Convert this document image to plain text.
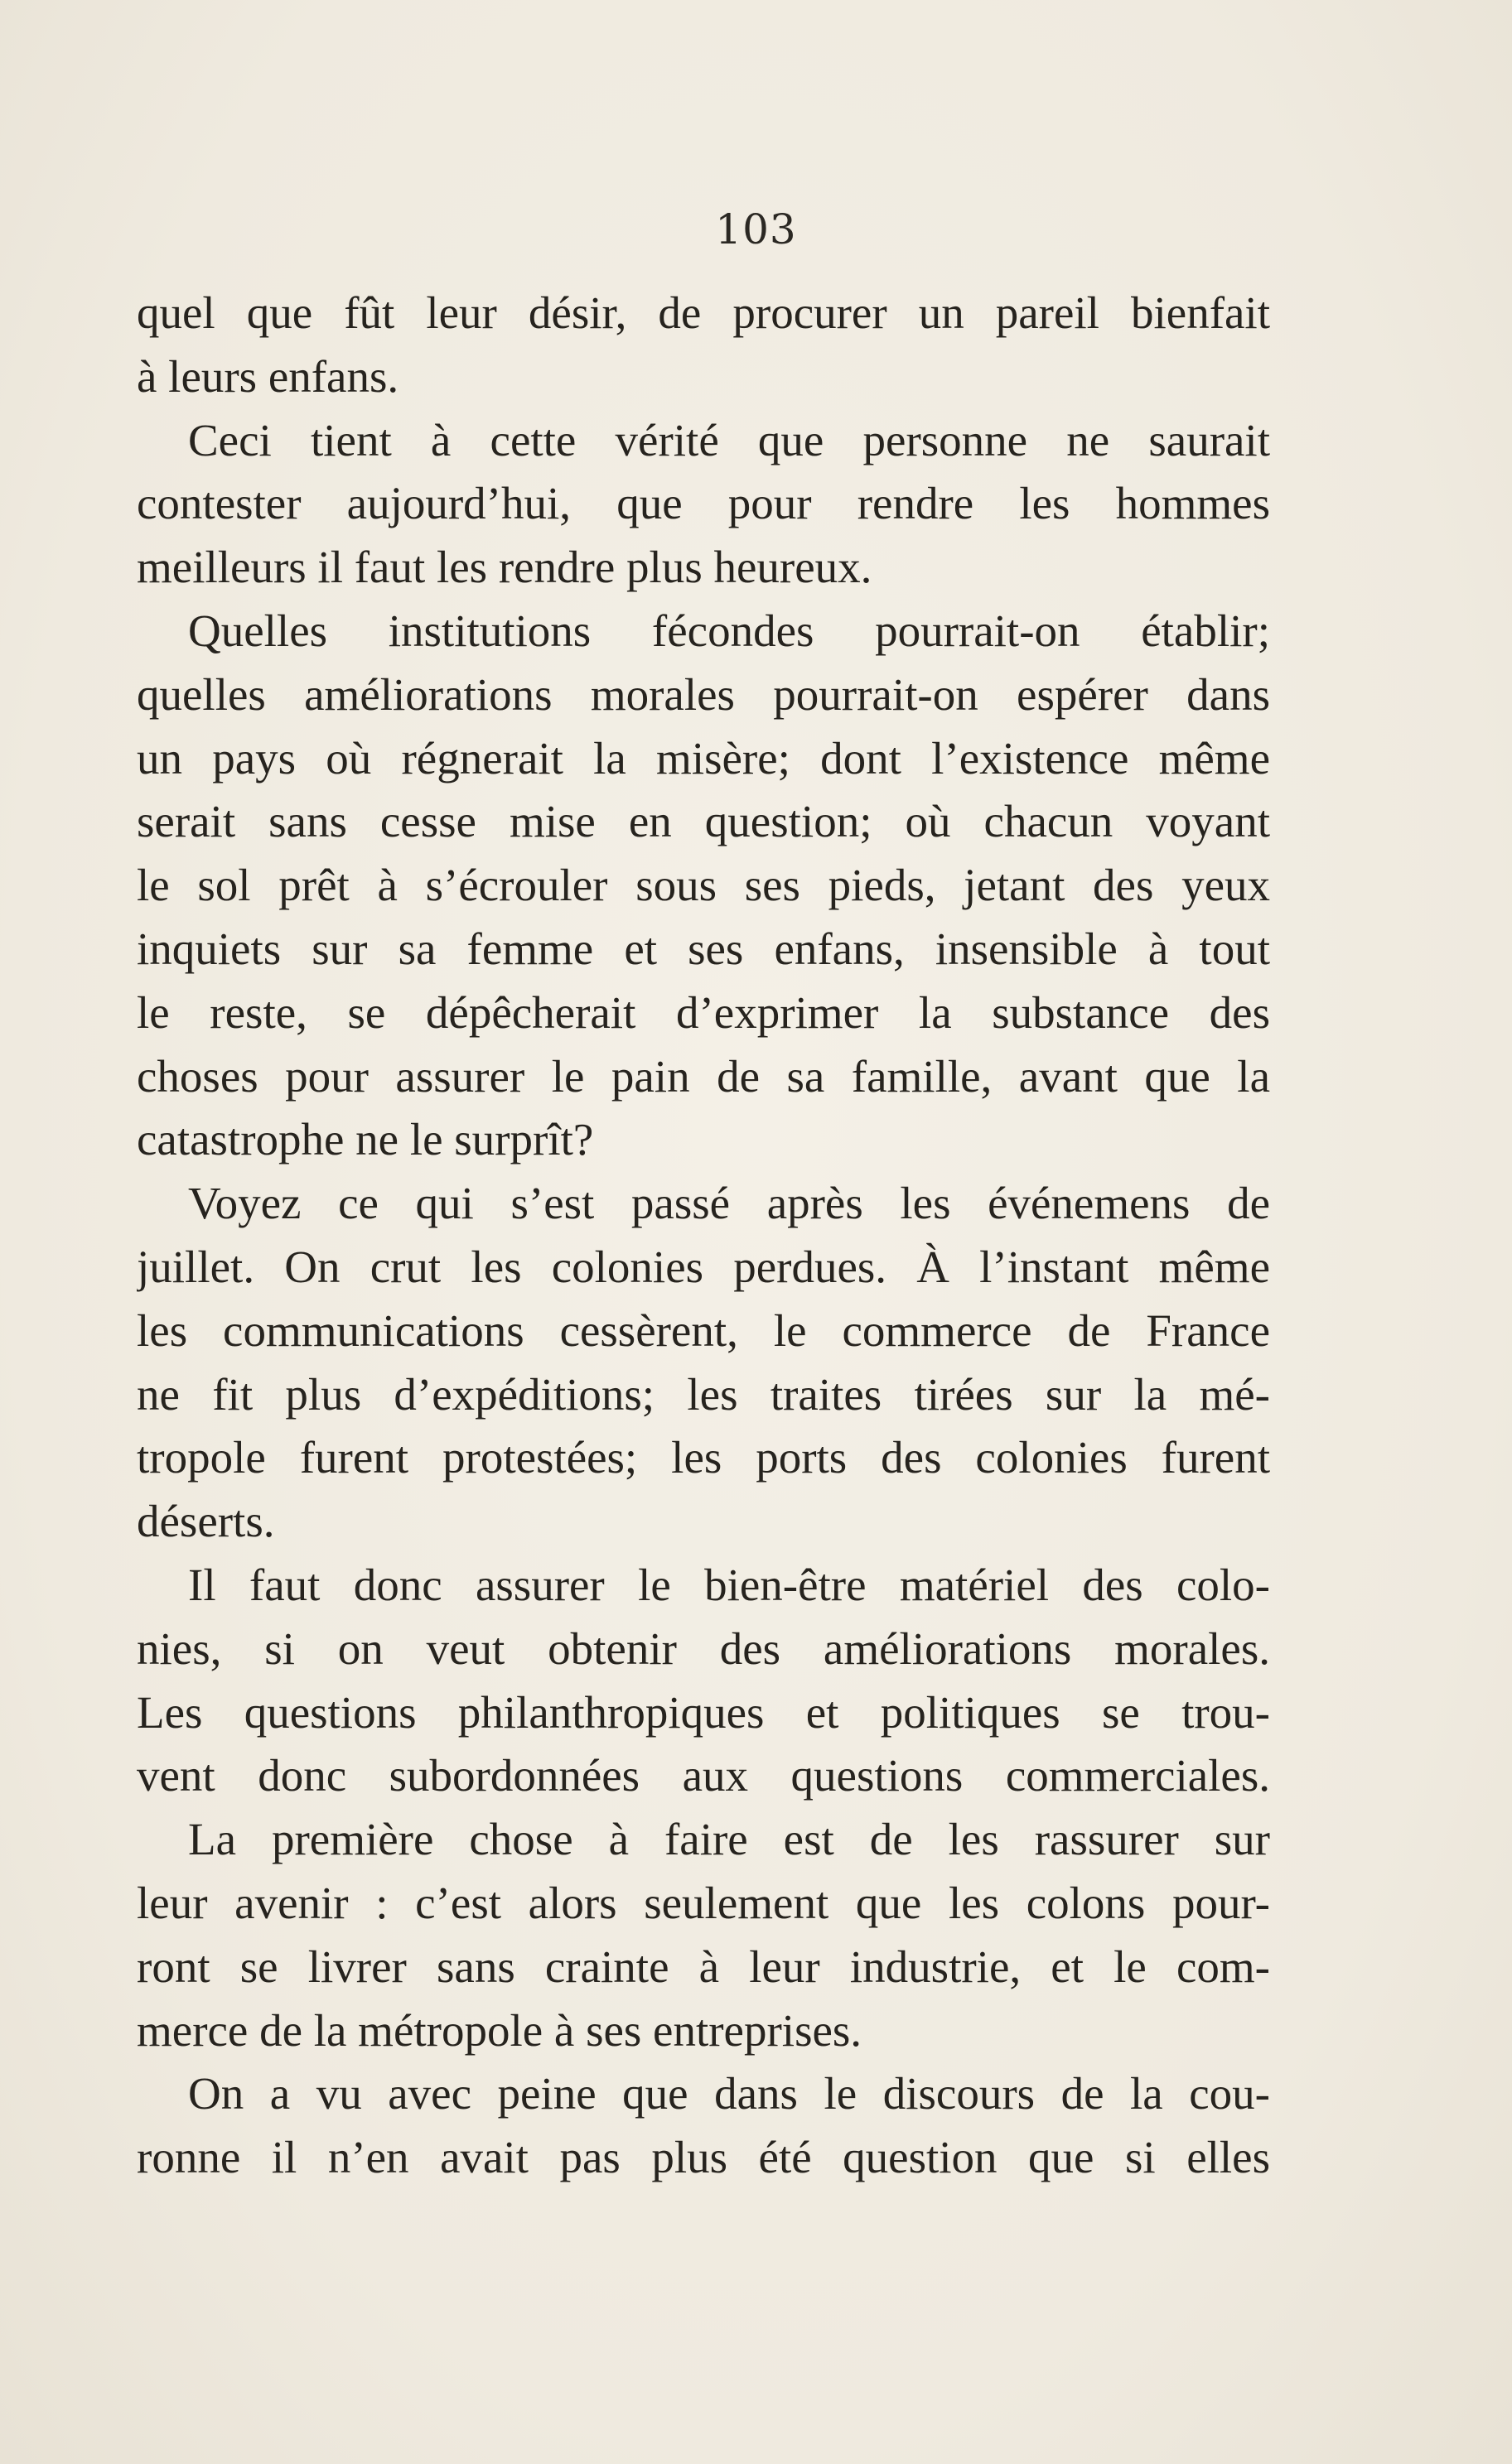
103
quel que fût leur désir, de procurer un pareil bienfait
à leurs enfans.
Ceci tient à cette vérité que personne ne saurait
contester aujourd’hui, que pour rendre les hommes
meilleurs il faut les rendre plus heureux.
Quelles institutions fécondes pourrait-on établir;
quelles améliorations morales pourrait-on espérer dans
un pays où régnerait la misère; dont l’existence même
serait sans cesse mise en question; où chacun voyant
le sol prêt à s’écrouler sous ses pieds, jetant des yeux
inquiets sur sa femme et ses enfans, insensible à tout
le reste, se dépêcherait d’exprimer la substance des
choses pour assurer le pain de sa famille, avant que la
catastrophe ne le surprît?
Voyez ce qui s’est passé après les événemens de
juillet. On crut les colonies perdues. À l’instant même
les communications cessèrent, le commerce de France
ne fit plus d’expéditions; les traites tirées sur la mé-
tropole furent protestées; les ports des colonies furent
déserts.
Il faut donc assurer le bien-être matériel des colo-
nies, si on veut obtenir des améliorations morales.
Les questions philanthropiques et politiques se trou-
vent donc subordonnées aux questions commerciales.
La première chose à faire est de les rassurer sur
leur avenir : c’est alors seulement que les colons pour-
ront se livrer sans crainte à leur industrie, et le com-
merce de la métropole à ses entreprises.
On a vu avec peine que dans le discours de la cou-
ronne il n’en avait pas plus été question que si elles
